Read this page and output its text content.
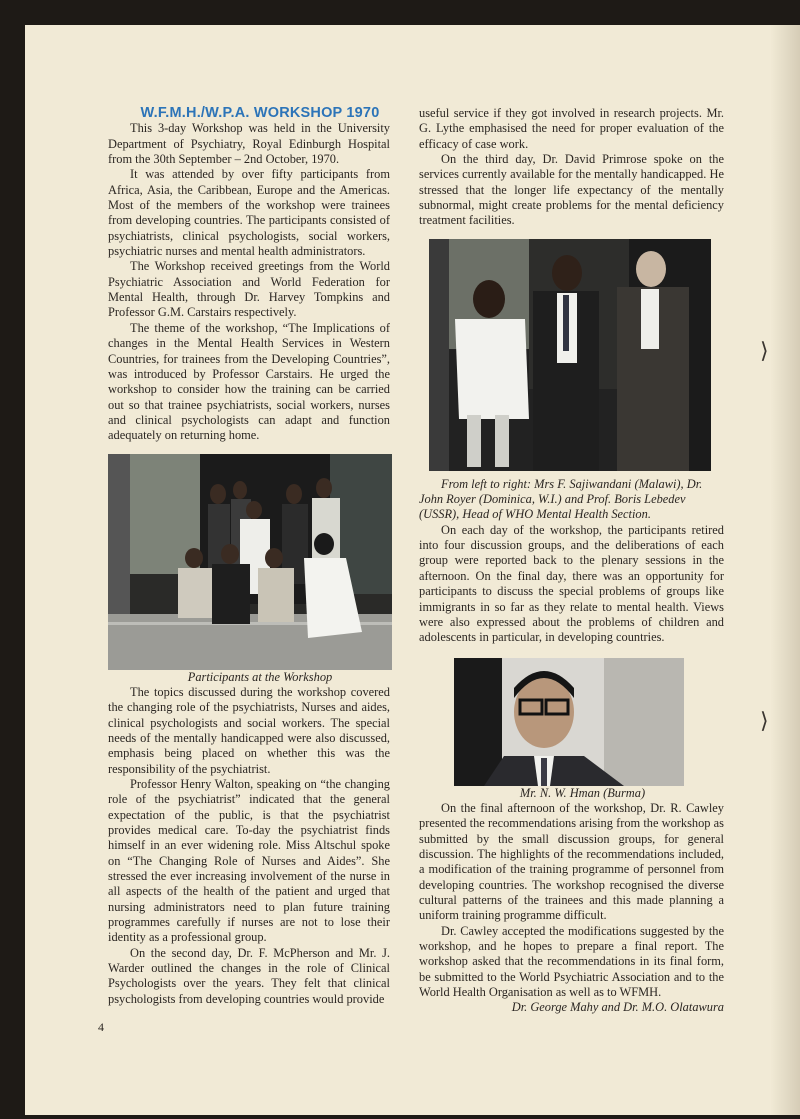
W.F.M.H./W.P.A. WORKSHOP 1970

This 3-day Workshop was held in the University Department of Psychiatry, Royal Edinburgh Hospital from the 30th September – 2nd October, 1970.

It was attended by over fifty participants from Africa, Asia, the Caribbean, Europe and the Americas. Most of the members of the workshop were trainees from developing countries. The participants consisted of psychiatrists, clinical psychologists, social workers, psychiatric nurses and mental health administrators.

The Workshop received greetings from the World Psychiatric Association and World Federation for Mental Health, through Dr. Harvey Tompkins and Professor G.M. Carstairs respectively.

The theme of the workshop, “The Implications of changes in the Mental Health Services in Western Countries, for trainees from the Developing Countries”, was introduced by Professor Carstairs. He urged the workshop to consider how the training can be carried out so that trainee psychiatrists, social workers, nurses and clinical psychologists can adapt and function adequately on returning home.

Participants at the Workshop

The topics discussed during the workshop covered the changing role of the psychiatrists, Nurses and aides, clinical psychologists and social workers. The special needs of the mentally handicapped were also discussed, emphasis being placed on whether this was the responsibility of the psychiatrist.

Professor Henry Walton, speaking on “the changing role of the psychiatrist” indicated that the general expectation of the public, is that the psychiatrist provides medical care. To-day the psychiatrist finds himself in an ever widening role. Miss Altschul spoke on “The Changing Role of Nurses and Aides”. She stressed the ever increasing involvement of the nurse in all aspects of the health of the patient and urged that nursing administrators need to plan future training programmes carefully if nurses are not to lose their identity as a professional group.

On the second day, Dr. F. McPherson and Mr. J. Warder outlined the changes in the role of Clinical Psychologists over the years. They felt that clinical psychologists from developing countries would provide

useful service if they got involved in research projects. Mr. G. Lythe emphasised the need for proper evaluation of the efficacy of case work.

On the third day, Dr. David Primrose spoke on the services currently available for the mentally handicapped. He stressed that the longer life expectancy of the mentally subnormal, might create problems for the mental deficiency treatment facilities.

From left to right: Mrs F. Sajiwandani (Malawi), Dr. John Royer (Dominica, W.I.) and Prof. Boris Lebedev (USSR), Head of WHO Mental Health Section.

On each day of the workshop, the participants retired into four discussion groups, and the deliberations of each group were reported back to the plenary sessions in the afternoon. On the final day, there was an opportunity for participants to discuss the special problems of groups like immigrants in so far as they relate to mental health. Views were also expressed about the problems of children and adolescents in particular, in developing countries.

Mr. N. W. Hman (Burma)

On the final afternoon of the workshop, Dr. R. Cawley presented the recommendations arising from the workshop as submitted by the small discussion groups, for general discussion. The highlights of the recommendations included, a modification of the training programme of personnel from developing countries. The workshop recognised the diverse cultural patterns of the trainees and this made planning a uniform training programme difficult.

Dr. Cawley accepted the modifications suggested by the workshop, and he hopes to prepare a final report. The workshop asked that the recommendations in its final form, be submitted to the World Psychiatric Association and to the World Health Organisation as well as to WFMH.

Dr. George Mahy and Dr. M.O. Olatawura

4
⟩
⟩
